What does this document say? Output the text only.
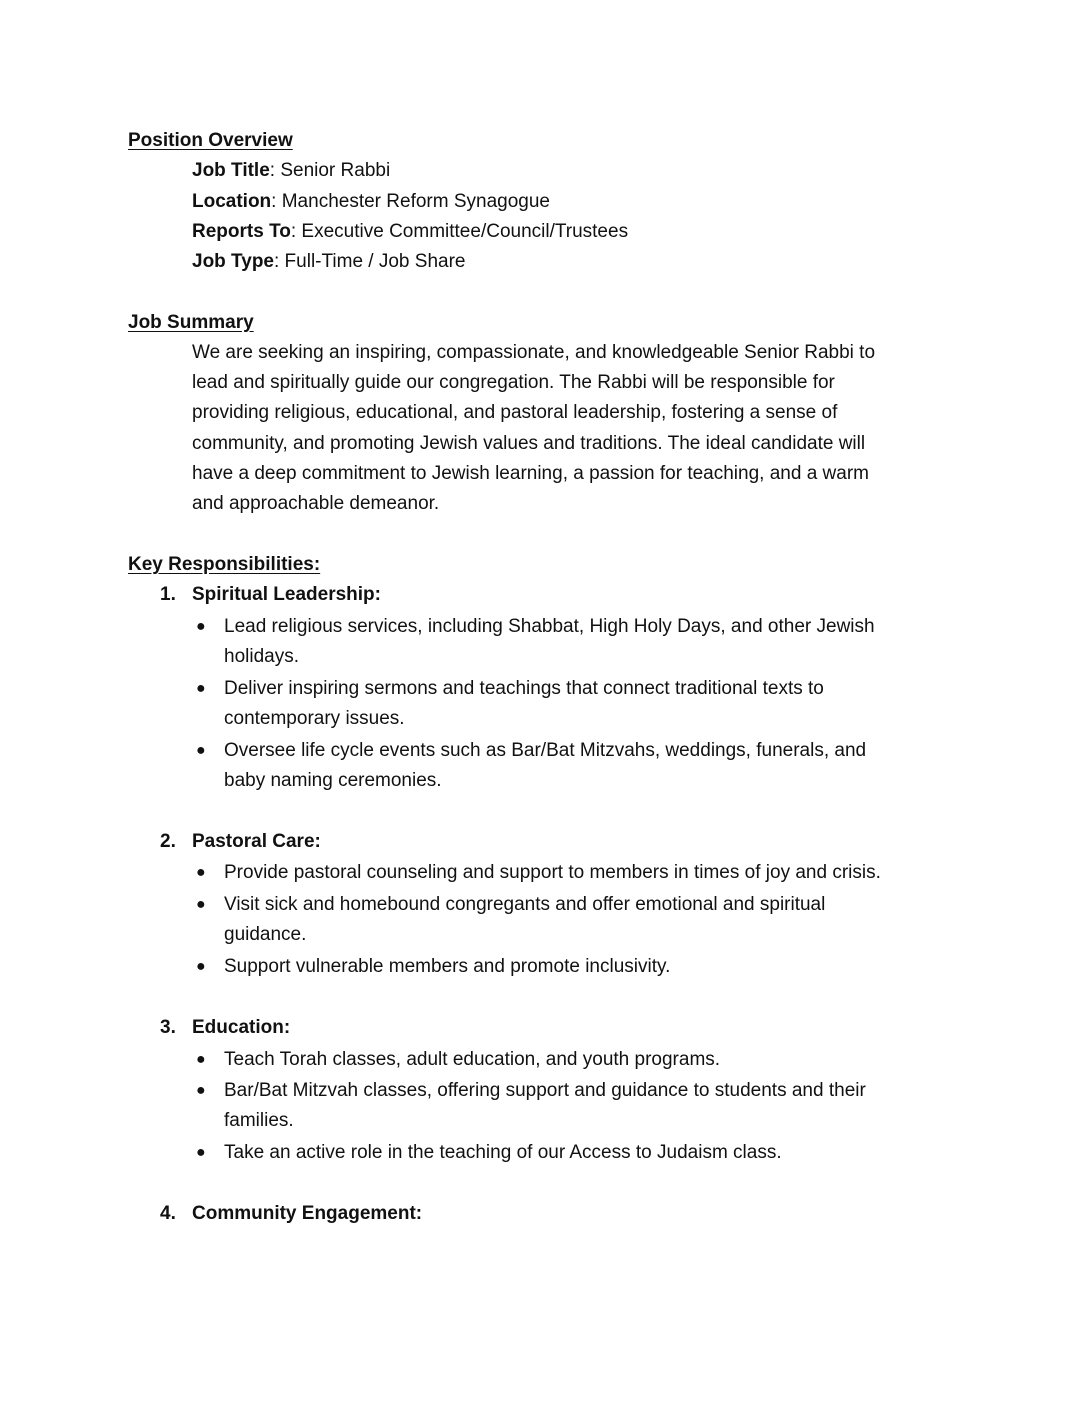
Position Overview
Job Title: Senior Rabbi
Location: Manchester Reform Synagogue
Reports To: Executive Committee/Council/Trustees
Job Type: Full-Time / Job Share
Job Summary
We are seeking an inspiring, compassionate, and knowledgeable Senior Rabbi to
lead and spiritually guide our congregation. The Rabbi will be responsible for
providing religious, educational, and pastoral leadership, fostering a sense of
community, and promoting Jewish values and traditions. The ideal candidate will
have a deep commitment to Jewish learning, a passion for teaching, and a warm
and approachable demeanor.
Key Responsibilities:
1. Spiritual Leadership:
● Lead religious services, including Shabbat, High Holy Days, and other Jewish
holidays.
● Deliver inspiring sermons and teachings that connect traditional texts to
contemporary issues.
● Oversee life cycle events such as Bar/Bat Mitzvahs, weddings, funerals, and
baby naming ceremonies.
2. Pastoral Care:
● Provide pastoral counseling and support to members in times of joy and crisis.
● Visit sick and homebound congregants and offer emotional and spiritual
guidance.
● Support vulnerable members and promote inclusivity.
3. Education:
● Teach Torah classes, adult education, and youth programs.
● Bar/Bat Mitzvah classes, offering support and guidance to students and their
families.
● Take an active role in the teaching of our Access to Judaism class.
4. Community Engagement:
